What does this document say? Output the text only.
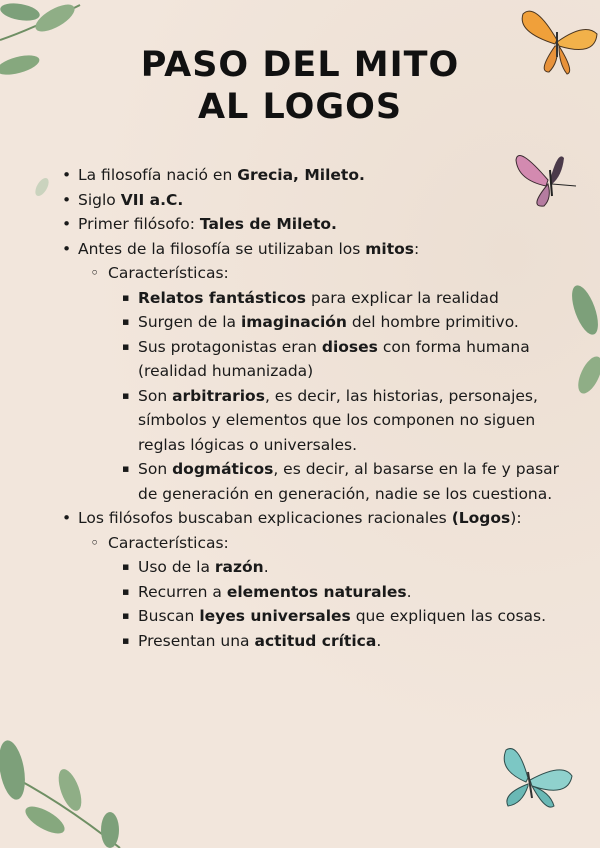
PASO DEL MITO
AL LOGOS
• La filosofía nació en Grecia, Mileto.
• Siglo VII a.C.
• Primer filósofo: Tales de Mileto.
• Antes de la filosofía se utilizaban los mitos:
◦ Características:
▪ Relatos fantásticos para explicar la realidad
▪ Surgen de la imaginación del hombre primitivo.
▪ Sus protagonistas eran dioses con forma humana (realidad humanizada)
▪ Son arbitrarios, es decir, las historias, personajes, símbolos y elementos que los componen no siguen reglas lógicas o universales.
▪ Son dogmáticos, es decir, al basarse en la fe y pasar de generación en generación, nadie se los cuestiona.
• Los filósofos buscaban explicaciones racionales (Logos):
◦ Características:
▪ Uso de la razón.
▪ Recurren a elementos naturales.
▪ Buscan leyes universales que expliquen las cosas.
▪ Presentan una actitud crítica.
